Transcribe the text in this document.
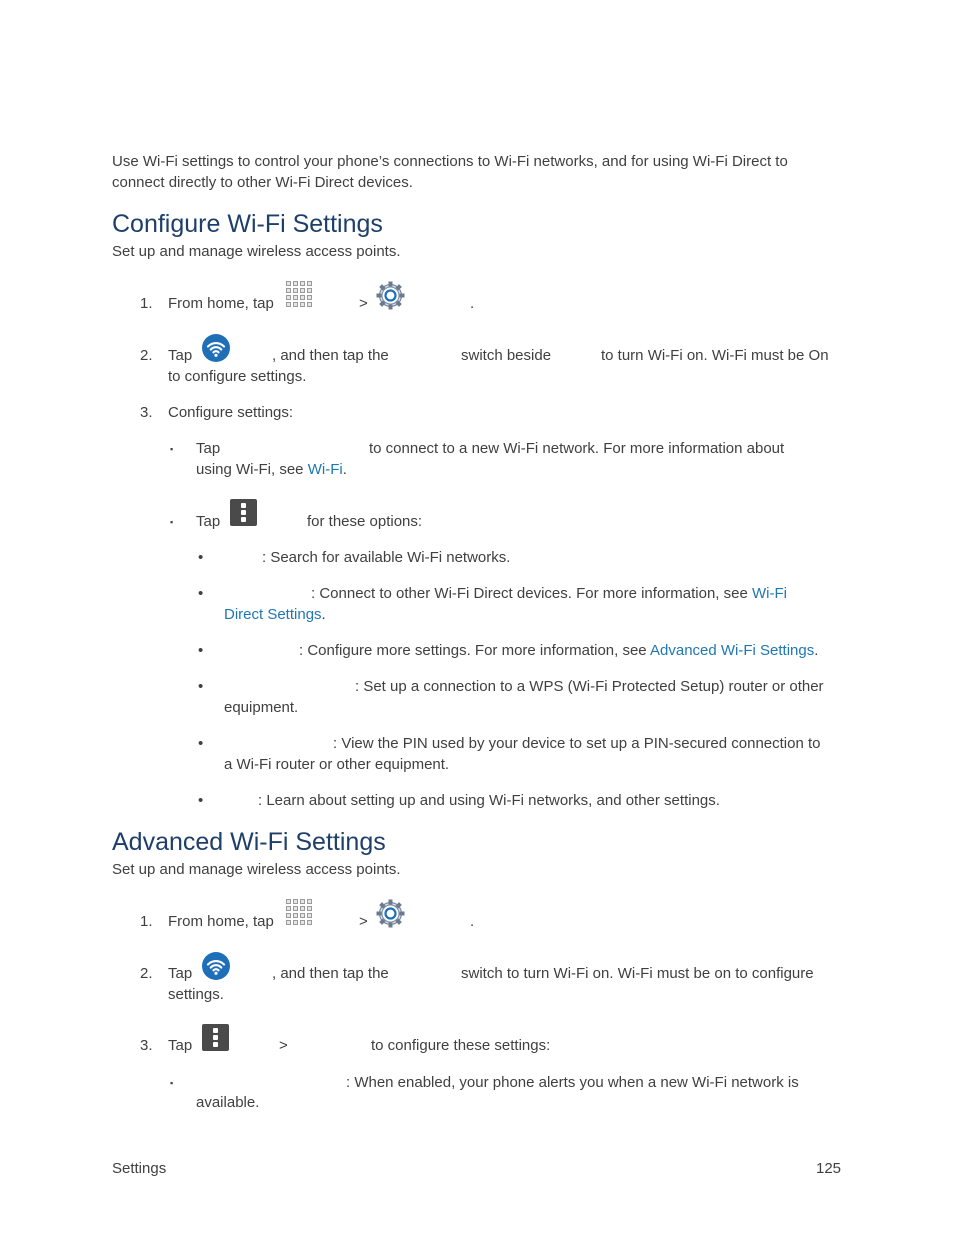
Use Wi-Fi settings to control your phone’s connections to Wi-Fi networks, and for using Wi-Fi Direct to
connect directly to other Wi-Fi Direct devices.
Configure Wi-Fi Settings
Set up and manage wireless access points.
1. From home, tap	>	.
2. Tap	, and then tap the	switch beside	to turn Wi-Fi on. Wi-Fi must be On
to configure settings.
3. Configure settings:
▪ Tap	to connect to a new Wi-Fi network. For more information about
using Wi-Fi, see Wi-Fi.
▪ Tap	for these options:
•	: Search for available Wi-Fi networks.
•	: Connect to other Wi-Fi Direct devices. For more information, see Wi-Fi
Direct Settings.
•	: Configure more settings. For more information, see Advanced Wi-Fi Settings.
•	: Set up a connection to a WPS (Wi-Fi Protected Setup) router or other
equipment.
•	: View the PIN used by your device to set up a PIN-secured connection to
a Wi-Fi router or other equipment.
•	: Learn about setting up and using Wi-Fi networks, and other settings.
Advanced Wi-Fi Settings
Set up and manage wireless access points.
1. From home, tap	>	.
2. Tap	, and then tap the	switch to turn Wi-Fi on. Wi-Fi must be on to configure
settings.
3. Tap	>	to configure these settings:
▪	: When enabled, your phone alerts you when a new Wi-Fi network is
available.
Settings	125
